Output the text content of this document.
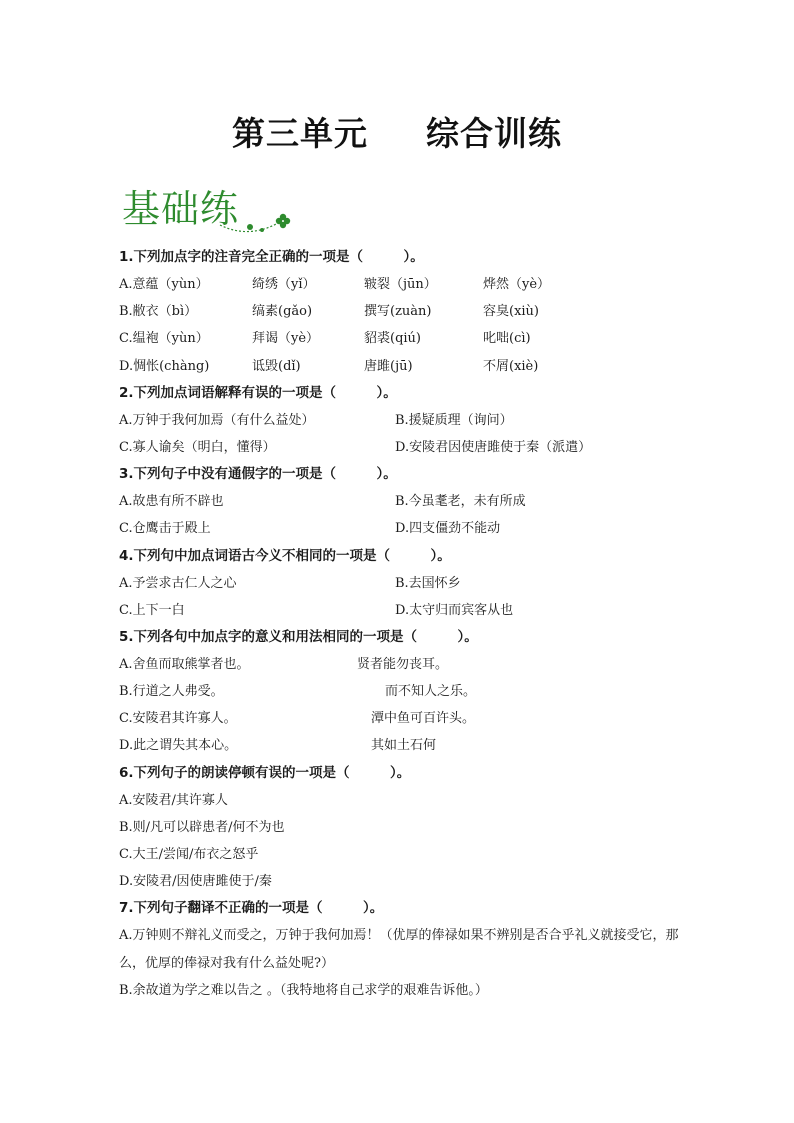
第三单元 综合训练
基础练
1.下列加点字的注音完全正确的一项是（　　　）。
A.意蕴（yùn）	绮绣（yǐ）	皲裂（jūn）	烨然（yè）
B.敝衣（bì）	缟素(gǎo)	撰写(zuàn)	容臭(xiù)
C.缊袍（yùn）	拜谒（yè）	貂裘(qiú)	叱咄(cì)
D.惆怅(chàng)	诋毁(dǐ)	唐雎(jū)	不屑(xiè)
2.下列加点词语解释有误的一项是（　　　）。
A.万钟于我何加焉（有什么益处）	B.援疑质理（询问）
C.寡人谕矣（明白，懂得）	D.安陵君因使唐雎使于秦（派遣）
3.下列句子中没有通假字的一项是（　　　）。
A.故患有所不辟也	B.今虽耄老，未有所成
C.仓鹰击于殿上	D.四支僵劲不能动
4.下列句中加点词语古今义不相同的一项是（　　　）。
A.予尝求古仁人之心	B.去国怀乡
C.上下一白	D.太守归而宾客从也
5.下列各句中加点字的意义和用法相同的一项是（　　　）。
A.舍鱼而取熊掌者也。	贤者能勿丧耳。
B.行道之人弗受。	而不知人之乐。
C.安陵君其许寡人。	潭中鱼可百许头。
D.此之谓失其本心。	其如土石何
6.下列句子的朗读停顿有误的一项是（　　　）。
A.安陵君/其许寡人
B.则/凡可以辟患者/何不为也
C.大王/尝闻/布衣之怒乎
D.安陵君/因使唐雎使于/秦
7.下列句子翻译不正确的一项是（　　　）。
A.万钟则不辩礼义而受之，万钟于我何加焉！（优厚的俸禄如果不辨别是否合乎礼义就接受它，那么，优厚的俸禄对我有什么益处呢?）
B.余故道为学之难以告之 。（我特地将自己求学的艰难告诉他。）
